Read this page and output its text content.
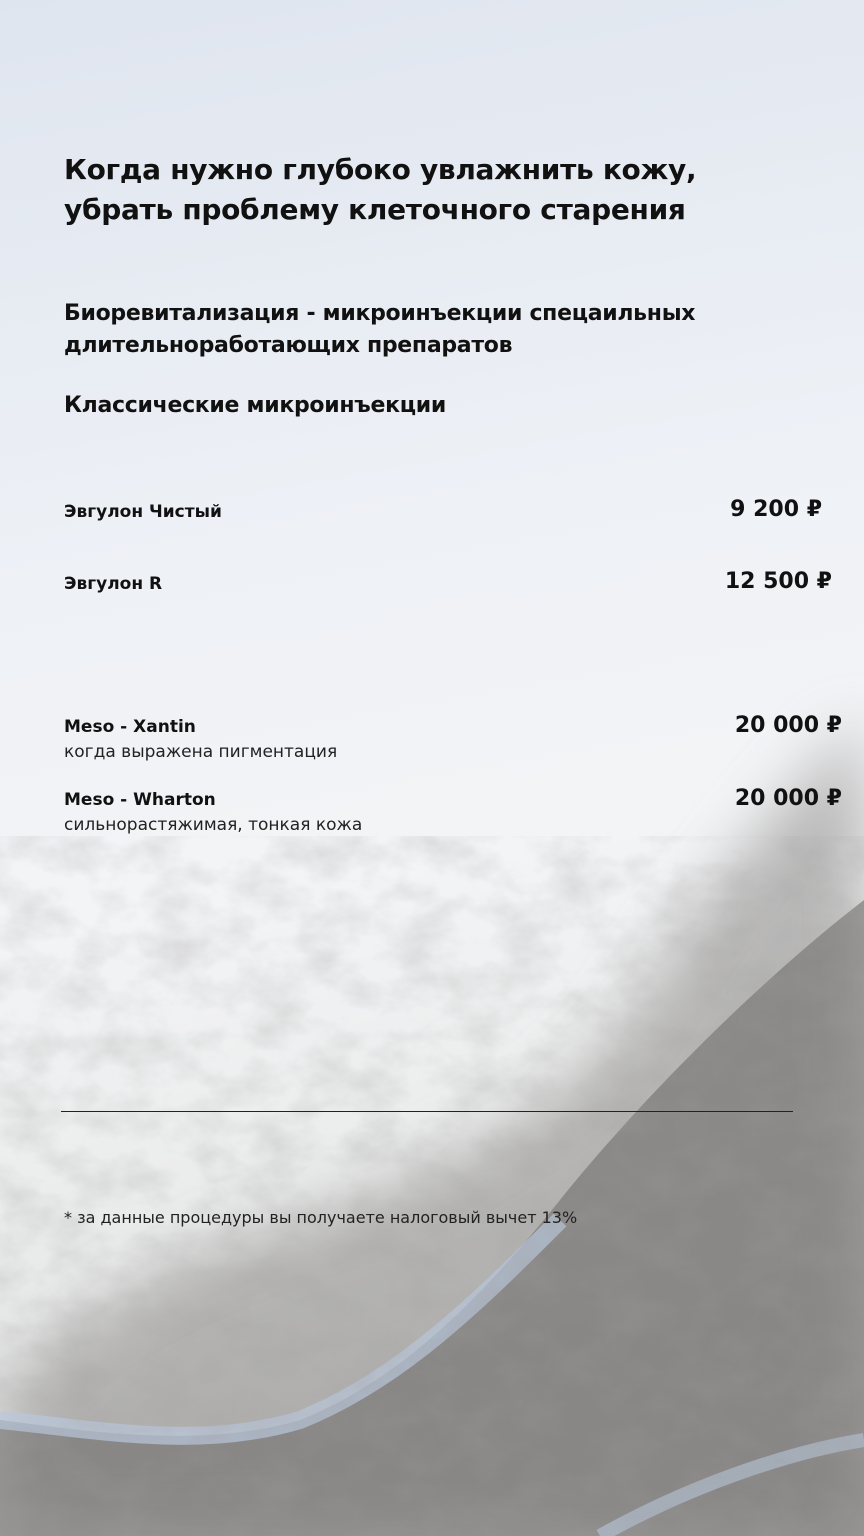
Когда нужно глубоко увлажнить кожу, убрать проблему клеточного старения
Биоревитализация - микроинъекции спецаильных длительноработающих препаратов
Классические микроинъекции
Эвгулон Чистый	9 200 ₽
Эвгулон R	12 500 ₽
Meso - Xantin
когда выражена пигментация
20 000 ₽
Meso - Wharton
сильнорастяжимая, тонкая кожа
20 000 ₽
* за данные процедуры вы получаете налоговый вычет 13%
